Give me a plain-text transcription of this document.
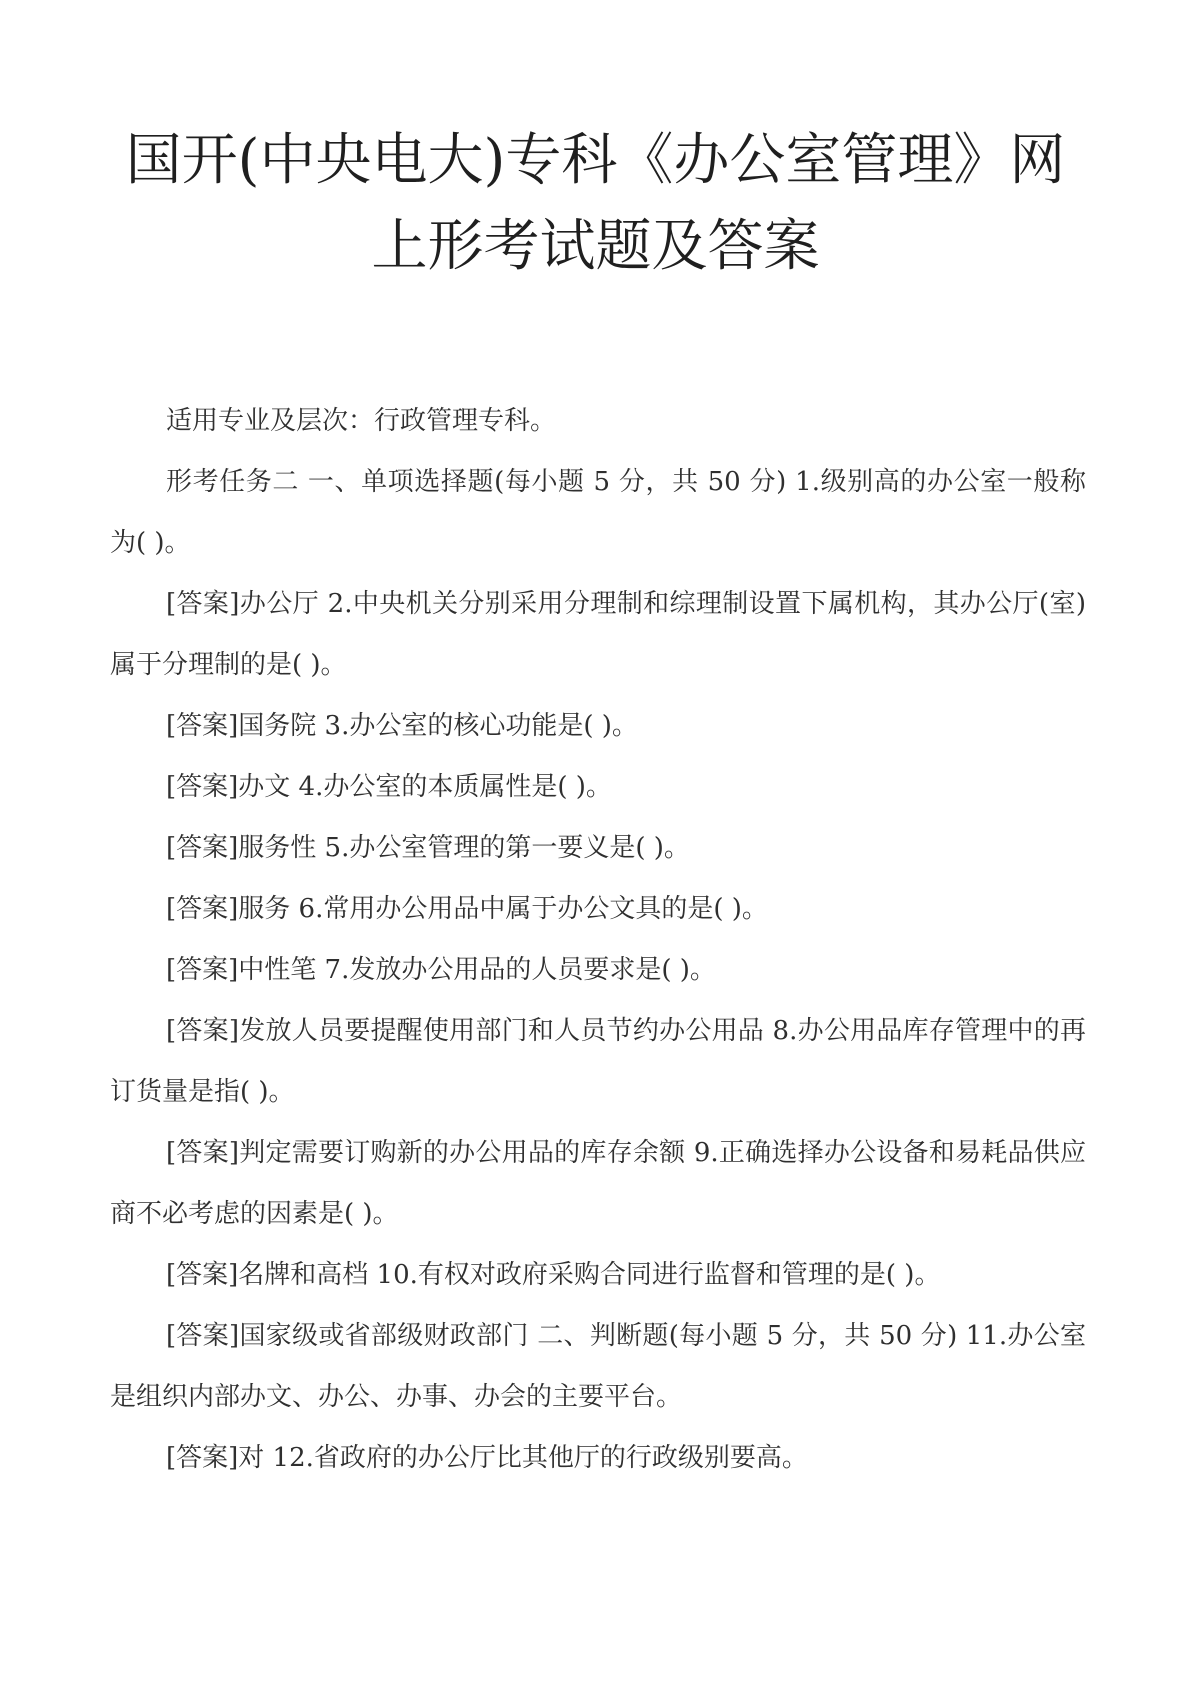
国开(中央电大)专科《办公室管理》网
上形考试题及答案

适用专业及层次：行政管理专科。

形考任务二 一、单项选择题(每小题 5 分，共 50 分) 1.级别高的办公室一般称为( )。

[答案]办公厅 2.中央机关分别采用分理制和综理制设置下属机构，其办公厅(室)属于分理制的是( )。

[答案]国务院 3.办公室的核心功能是( )。

[答案]办文 4.办公室的本质属性是( )。

[答案]服务性 5.办公室管理的第一要义是( )。

[答案]服务 6.常用办公用品中属于办公文具的是( )。

[答案]中性笔 7.发放办公用品的人员要求是( )。

[答案]发放人员要提醒使用部门和人员节约办公用品 8.办公用品库存管理中的再订货量是指( )。

[答案]判定需要订购新的办公用品的库存余额 9.正确选择办公设备和易耗品供应商不必考虑的因素是( )。

[答案]名牌和高档 10.有权对政府采购合同进行监督和管理的是( )。

[答案]国家级或省部级财政部门 二、判断题(每小题 5 分，共 50 分) 11.办公室是组织内部办文、办公、办事、办会的主要平台。

[答案]对 12.省政府的办公厅比其他厅的行政级别要高。
